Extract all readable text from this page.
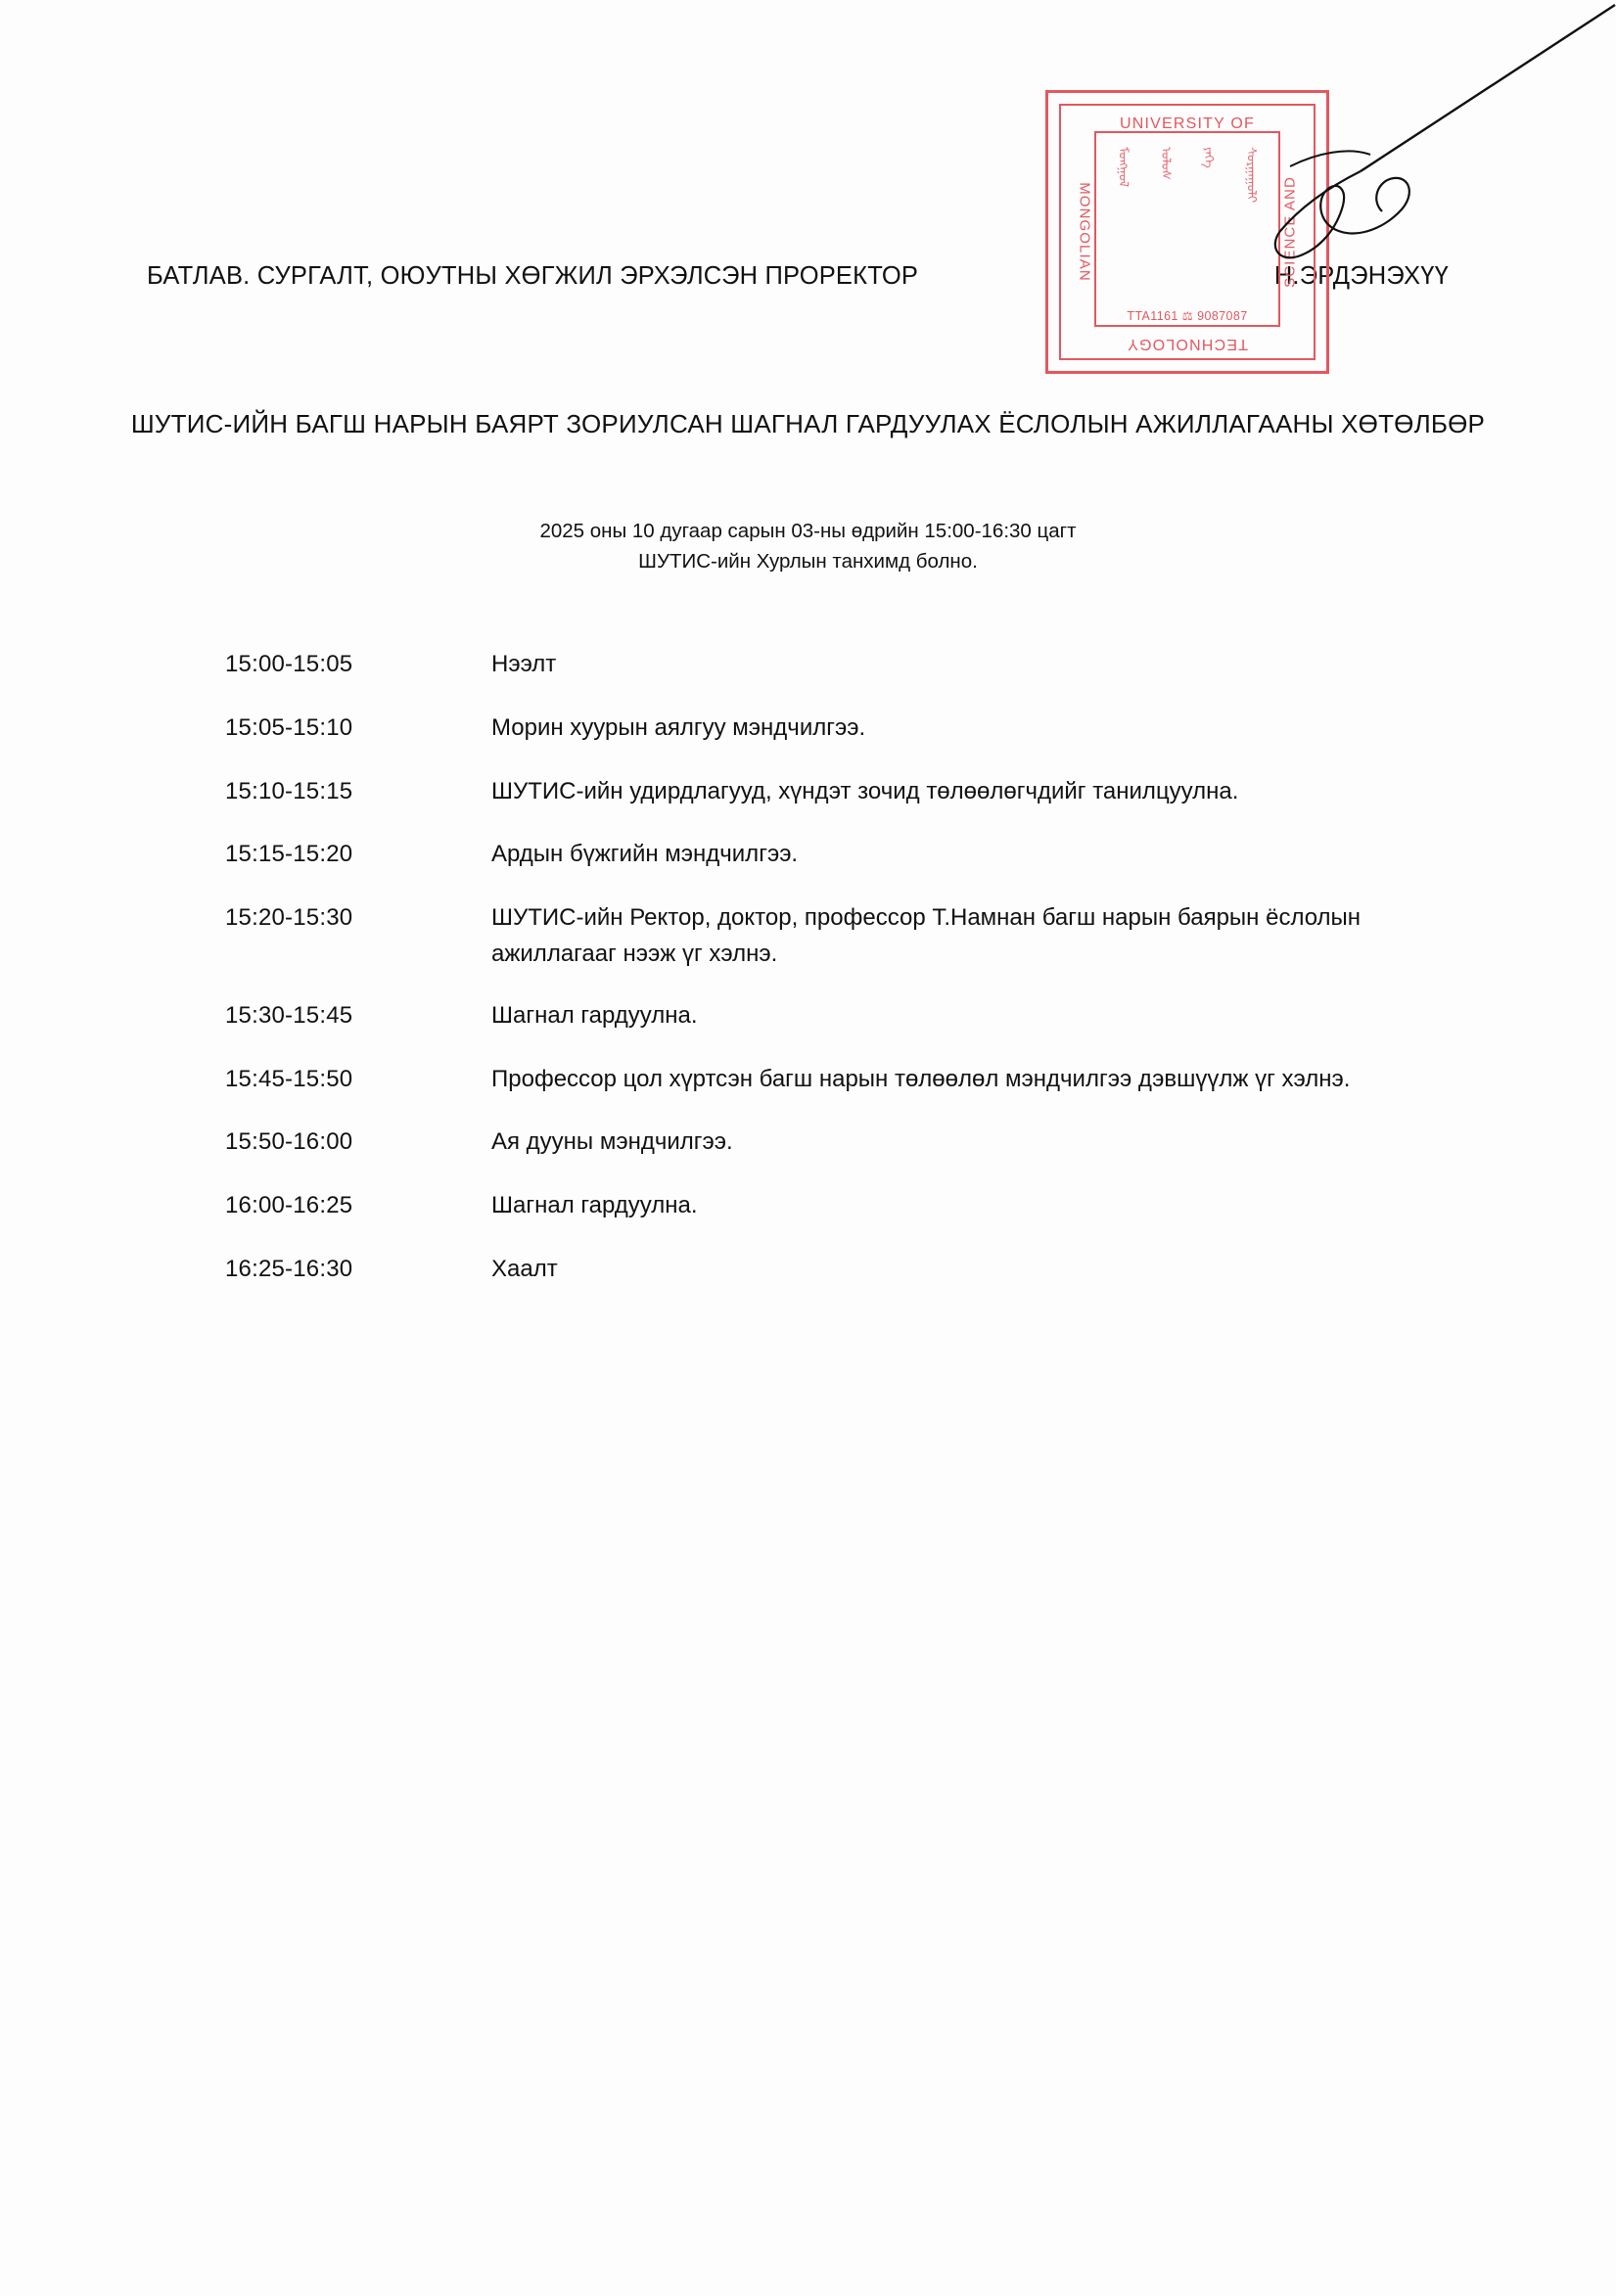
БАТЛАВ. СУРГАЛТ, ОЮУТНЫ ХӨГЖИЛ ЭРХЭЛСЭН ПРОРЕКТОР	Н.ЭРДЭНЭХҮҮ
UNIVERSITY OF
TECHNOLOGY
MONGOLIAN	SCIENCE AND
ᠮᠣᠩᠭᠣᠯ	ᠤᠯᠤᠰ	ᠶᠡᠬᠡ	ᠰᠤᠷᠭᠠᠭᠤᠯᠢ
TTA1161 ⚖ 9087087
ШУТИС-ИЙН БАГШ НАРЫН БАЯРТ ЗОРИУЛСАН ШАГНАЛ ГАРДУУЛАХ ЁСЛОЛЫН АЖИЛЛАГААНЫ ХӨТӨЛБӨР
2025 оны 10 дугаар сарын 03-ны өдрийн 15:00-16:30 цагт
ШУТИС-ийн Хурлын танхимд болно.
15:00-15:05	Нээлт
15:05-15:10	Морин хуурын аялгуу мэндчилгээ.
15:10-15:15	ШУТИС-ийн удирдлагууд, хүндэт зочид төлөөлөгчдийг танилцуулна.
15:15-15:20	Ардын бүжгийн мэндчилгээ.
15:20-15:30	ШУТИС-ийн Ректор, доктор, профессор Т.Намнан багш нарын баярын ёслолын ажиллагааг нээж үг хэлнэ.
15:30-15:45	Шагнал гардуулна.
15:45-15:50	Профессор цол хүртсэн багш нарын төлөөлөл мэндчилгээ дэвшүүлж үг хэлнэ.
15:50-16:00	Ая дууны мэндчилгээ.
16:00-16:25	Шагнал гардуулна.
16:25-16:30	Хаалт
